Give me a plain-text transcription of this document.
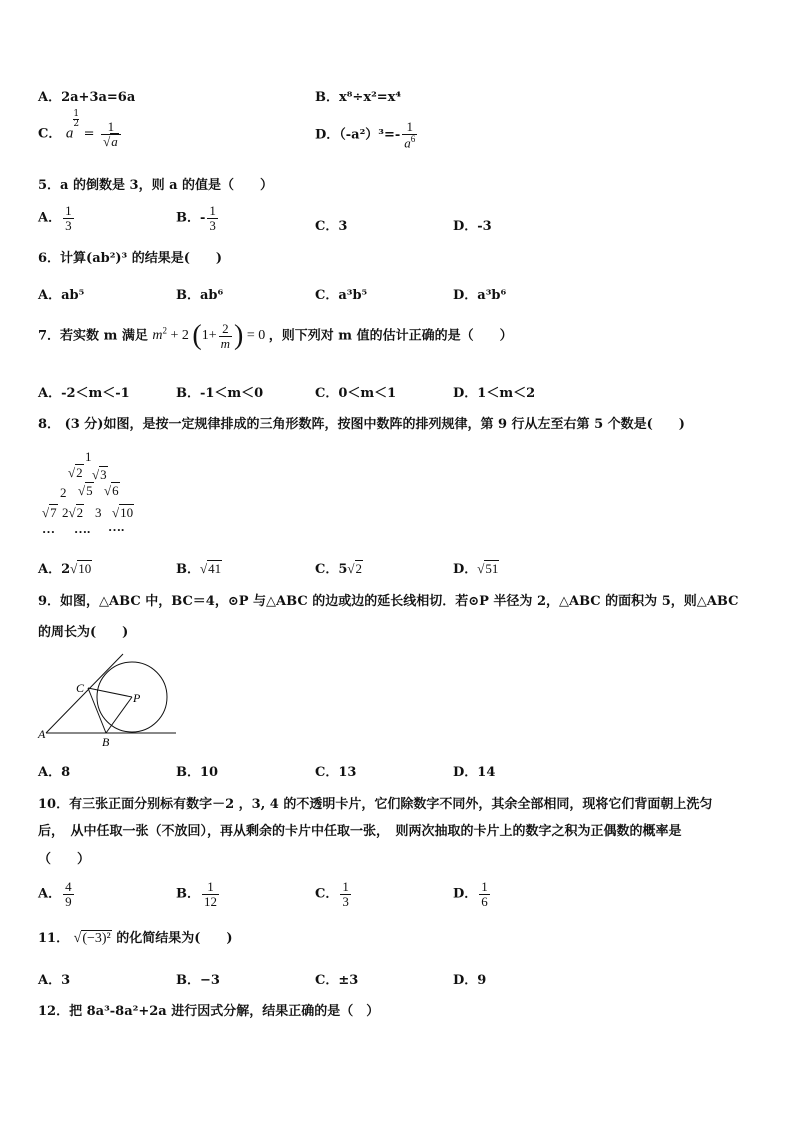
A．2a+3a=6a	B．x⁸÷x²=x⁴
C． a
$\frac{1}{2}$
= $\frac{1}{√a}$	D．$(-a^2)^3=- \frac{1}{a^6}$
5．a 的倒数是 3，则 a 的值是（　　）
A． $\frac{1}{3}$	B．- $\frac{1}{3}$	C．3	D．-3
6．计算(ab²)³ 的结果是(　　)
A．ab⁵	B．ab⁶	C．a³b⁵	D．a³b⁶
7．若实数 m 满足 $m^2 + 2$ ($1+ \frac{2}{m}$ ) = 0 ，则下列对 m 值的估计正确的是（　　）
A．-2＜m＜-1	B．-1＜m＜0	C．0＜m＜1	D．1＜m＜2
8． (3 分)如图，是按一定规律排成的三角形数阵，按图中数阵的排列规律，第 9 行从左至右第 5 个数是(　　)
1
√2 √3
2 √5 √6
√7 2√2 3 √10
… …. ….
A．2√10	B．√41	C．5√2	D．√51
9．如图，△ABC 中，BC＝4，⊙P 与△ABC 的边或边的延长线相切．若⊙P 半径为 2，△ABC 的面积为 5，则△ABC
的周长为(　　)
A
B
C
P
A．8	B．10	C．13	D．14
10．有三张正面分别标有数字－2 ，3, 4 的不透明卡片，它们除数字不同外，其余全部相同，现将它们背面朝上洗匀
后，　从中任取一张（不放回），再从剩余的卡片中任取一张，　则两次抽取的卡片上的数字之积为正偶数的概率是
（　　）
A． $\frac{4}{9}$	B． $\frac{1}{12}$	C． $\frac{1}{3}$	D． $\frac{1}{6}$
11． √(−3)² 的化简结果为(　　)
A．3	B．−3	C．±3	D．9
12．把 8a³-8a²+2a 进行因式分解，结果正确的是（　）
